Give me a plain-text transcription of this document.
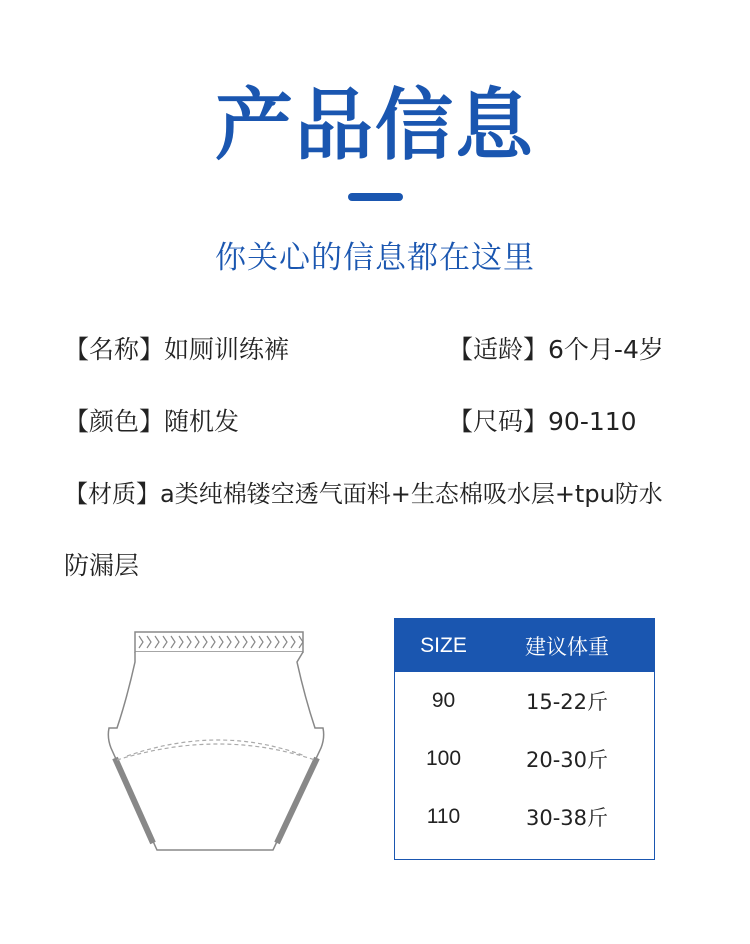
产品信息
你关心的信息都在这里
【名称】如厕训练裤	【适龄】6个月-4岁
【颜色】随机发	【尺码】90-110
【材质】a类纯棉镂空透气面料+生态棉吸水层+tpu防水
防漏层
SIZE	建议体重
90	15-22斤
100	20-30斤
110	30-38斤
